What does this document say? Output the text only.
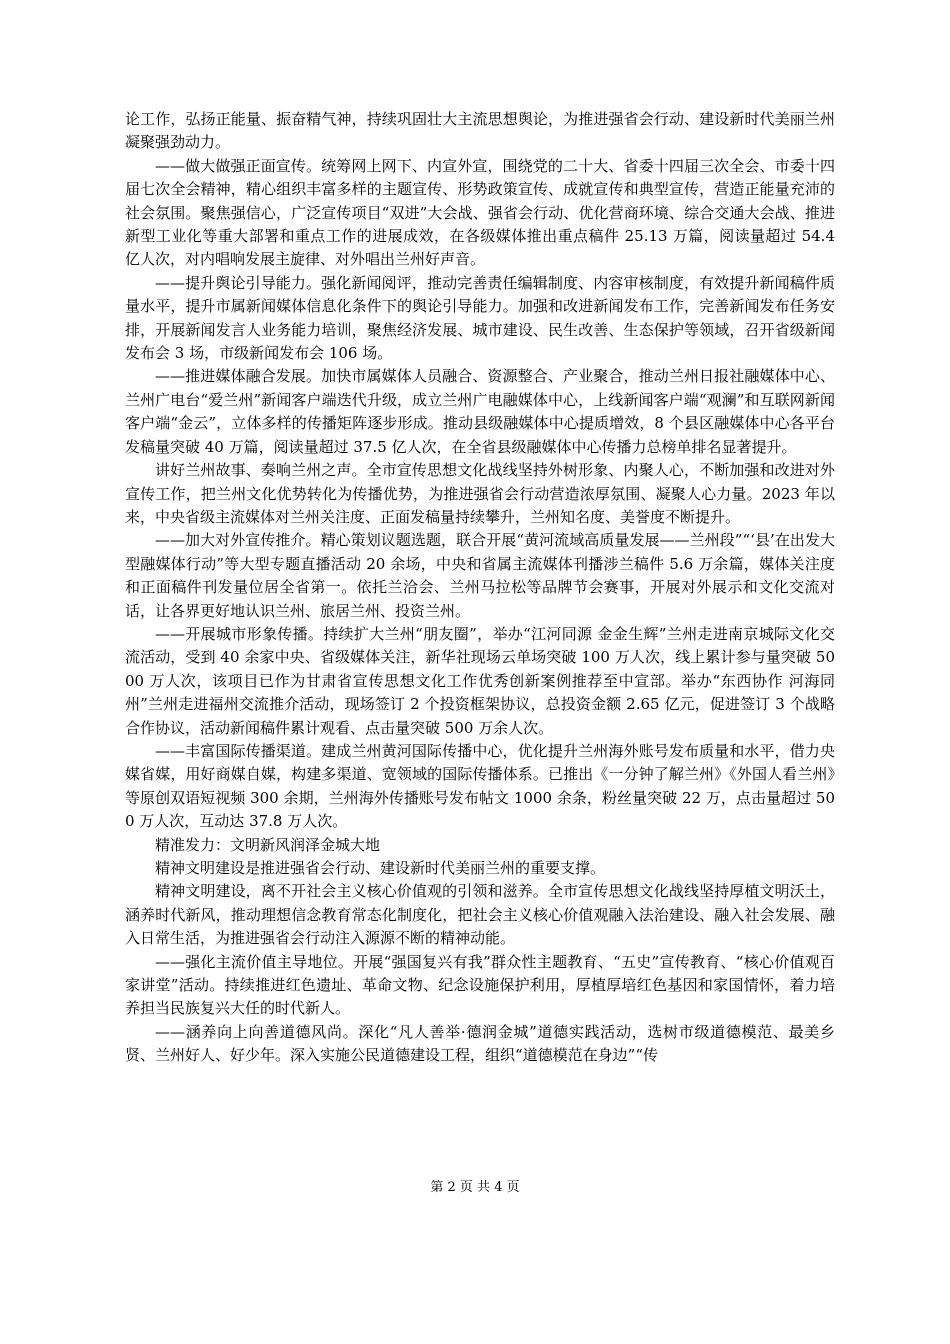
论工作，弘扬正能量、振奋精气神，持续巩固壮大主流思想舆论，为推进强省会行动、建设新时代美丽兰州凝聚强劲动力。

——做大做强正面宣传。统筹网上网下、内宣外宣，围绕党的二十大、省委十四届三次全会、市委十四届七次全会精神，精心组织丰富多样的主题宣传、形势政策宣传、成就宣传和典型宣传，营造正能量充沛的社会氛围。聚焦强信心，广泛宣传项目“双进”大会战、强省会行动、优化营商环境、综合交通大会战、推进新型工业化等重大部署和重点工作的进展成效，在各级媒体推出重点稿件 25.13 万篇，阅读量超过 54.4 亿人次，对内唱响发展主旋律、对外唱出兰州好声音。

——提升舆论引导能力。强化新闻阅评，推动完善责任编辑制度、内容审核制度，有效提升新闻稿件质量水平，提升市属新闻媒体信息化条件下的舆论引导能力。加强和改进新闻发布工作，完善新闻发布任务安排，开展新闻发言人业务能力培训，聚焦经济发展、城市建设、民生改善、生态保护等领域，召开省级新闻发布会 3 场，市级新闻发布会 106 场。

——推进媒体融合发展。加快市属媒体人员融合、资源整合、产业聚合，推动兰州日报社融媒体中心、兰州广电台“爱兰州”新闻客户端迭代升级，成立兰州广电融媒体中心，上线新闻客户端“观澜”和互联网新闻客户端“金云”，立体多样的传播矩阵逐步形成。推动县级融媒体中心提质增效，8 个县区融媒体中心各平台发稿量突破 40 万篇，阅读量超过 37.5 亿人次，在全省县级融媒体中心传播力总榜单排名显著提升。

讲好兰州故事、奏响兰州之声。全市宣传思想文化战线坚持外树形象、内聚人心，不断加强和改进对外宣传工作，把兰州文化优势转化为传播优势，为推进强省会行动营造浓厚氛围、凝聚人心力量。2023 年以来，中央省级主流媒体对兰州关注度、正面发稿量持续攀升，兰州知名度、美誉度不断提升。

——加大对外宣传推介。精心策划议题选题，联合开展“黄河流域高质量发展——兰州段”“‘县’在出发大型融媒体行动”等大型专题直播活动 20 余场，中央和省属主流媒体刊播涉兰稿件 5.6 万余篇，媒体关注度和正面稿件刊发量位居全省第一。依托兰洽会、兰州马拉松等品牌节会赛事，开展对外展示和文化交流对话，让各界更好地认识兰州、旅居兰州、投资兰州。

——开展城市形象传播。持续扩大兰州“朋友圈”，举办“江河同源 金金生辉”兰州走进南京城际文化交流活动，受到 40 余家中央、省级媒体关注，新华社现场云单场突破 100 万人次，线上累计参与量突破 5000 万人次，该项目已作为甘肃省宣传思想文化工作优秀创新案例推荐至中宣部。举办“东西协作 河海同州”兰州走进福州交流推介活动，现场签订 2 个投资框架协议，总投资金额 2.65 亿元，促进签订 3 个战略合作协议，活动新闻稿件累计观看、点击量突破 500 万余人次。

——丰富国际传播渠道。建成兰州黄河国际传播中心，优化提升兰州海外账号发布质量和水平，借力央媒省媒，用好商媒自媒，构建多渠道、宽领域的国际传播体系。已推出《一分钟了解兰州》《外国人看兰州》等原创双语短视频 300 余期，兰州海外传播账号发布帖文 1000 余条，粉丝量突破 22 万，点击量超过 500 万人次，互动达 37.8 万人次。

精准发力：文明新风润泽金城大地

精神文明建设是推进强省会行动、建设新时代美丽兰州的重要支撑。

精神文明建设，离不开社会主义核心价值观的引领和滋养。全市宣传思想文化战线坚持厚植文明沃土，涵养时代新风，推动理想信念教育常态化制度化，把社会主义核心价值观融入法治建设、融入社会发展、融入日常生活，为推进强省会行动注入源源不断的精神动能。

——强化主流价值主导地位。开展“强国复兴有我”群众性主题教育、“五史”宣传教育、“核心价值观百家讲堂”活动。持续推进红色遗址、革命文物、纪念设施保护利用，厚植厚培红色基因和家国情怀，着力培养担当民族复兴大任的时代新人。

——涵养向上向善道德风尚。深化“凡人善举·德润金城”道德实践活动，选树市级道德模范、最美乡贤、兰州好人、好少年。深入实施公民道德建设工程，组织“道德模范在身边”“传

第 2 页 共 4 页
